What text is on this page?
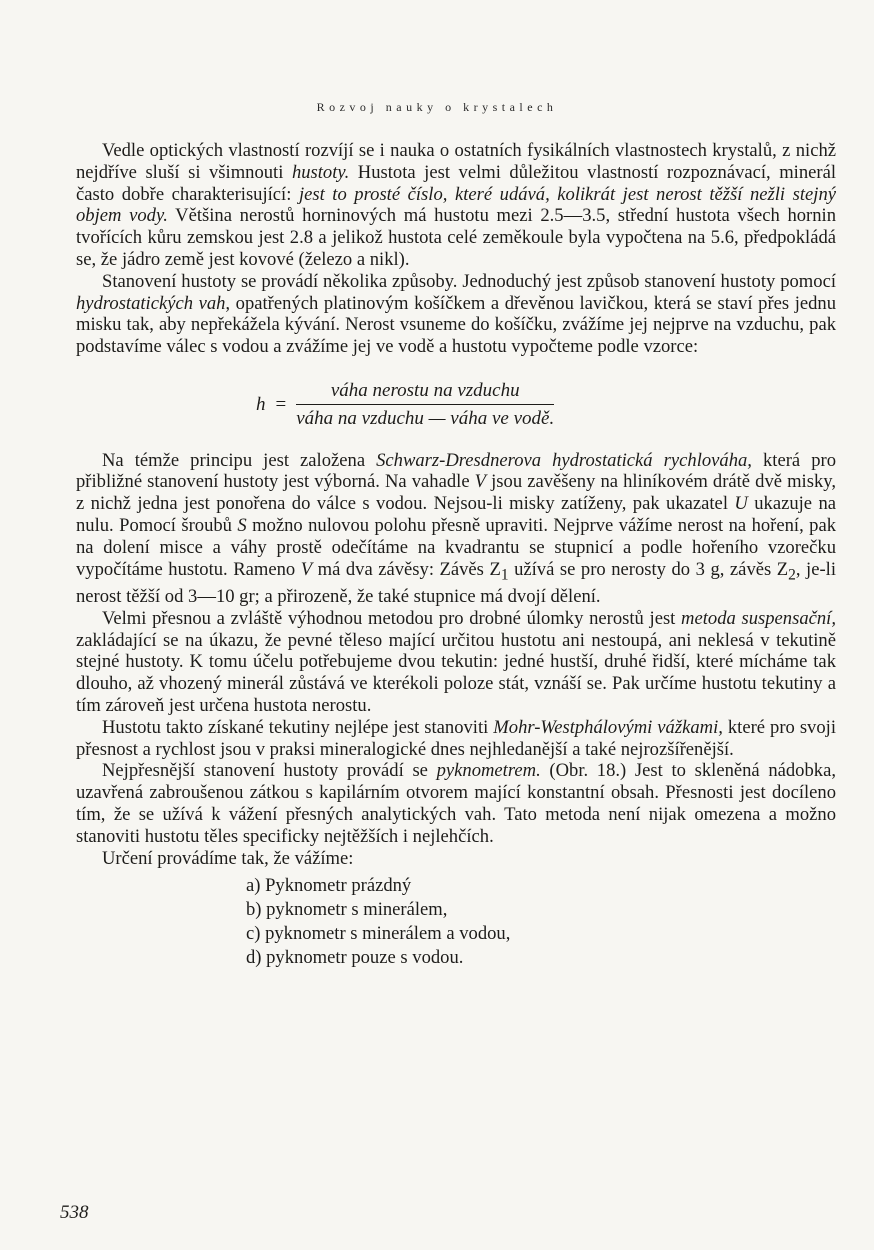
Rozvoj nauky o krystalech

Vedle optických vlastností rozvíjí se i nauka o ostatních fysikálních vlastnostech krystalů, z nichž nejdříve sluší si všimnouti hustoty. Hustota jest velmi důležitou vlastností rozpoznávací, minerál často dobře charakterisující: jest to prosté číslo, které udává, kolikrát jest nerost těžší nežli stejný objem vody. Většina nerostů horninových má hustotu mezi 2.5—3.5, střední hustota všech hornin tvořících kůru zemskou jest 2.8 a jelikož hustota celé zeměkoule byla vypočtena na 5.6, předpokládá se, že jádro země jest kovové (železo a nikl).

Stanovení hustoty se provádí několika způsoby. Jednoduchý jest způsob stanovení hustoty pomocí hydrostatických vah, opatřených platinovým košíčkem a dřevěnou lavičkou, která se staví přes jednu misku tak, aby nepřekážela kývání. Nerost vsuneme do košíčku, zvážíme jej nejprve na vzduchu, pak podstavíme válec s vodou a zvážíme jej ve vodě a hustotu vypočteme podle vzorce:

$h = \frac{\text{váha nerostu na vzduchu}}{\text{váha na vzduchu — váha ve vodě.}}$

Na témže principu jest založena Schwarz-Dresdnerova hydrostatická rychlováha, která pro přibližné stanovení hustoty jest výborná. Na vahadle V jsou zavěšeny na hliníkovém drátě dvě misky, z nichž jedna jest ponořena do válce s vodou. Nejsou-li misky zatíženy, pak ukazatel U ukazuje na nulu. Pomocí šroubů S možno nulovou polohu přesně upraviti. Nejprve vážíme nerost na hoření, pak na dolení misce a váhy prostě odečítáme na kvadrantu se stupnicí a podle hořeního vzorečku vypočítáme hustotu. Rameno V má dva závěsy: Závěs $Z_1$ užívá se pro nerosty do 3 g, závěs $Z_2$, je-li nerost těžší od 3—10 gr; a přirozeně, že také stupnice má dvojí dělení.

Velmi přesnou a zvláště výhodnou metodou pro drobné úlomky nerostů jest metoda suspensační, zakládající se na úkazu, že pevné těleso mající určitou hustotu ani nestoupá, ani neklesá v tekutině stejné hustoty. K tomu účelu potřebujeme dvou tekutin: jedné hustší, druhé řidší, které mícháme tak dlouho, až vhozený minerál zůstává ve kterékoli poloze stát, vznáší se. Pak určíme hustotu tekutiny a tím zároveň jest určena hustota nerostu.

Hustotu takto získané tekutiny nejlépe jest stanoviti Mohr-Westphálovými vážkami, které pro svoji přesnost a rychlost jsou v praksi mineralogické dnes nejhledanější a také nejrozšířenější.

Nejpřesnější stanovení hustoty provádí se pyknometrem. (Obr. 18.) Jest to skleněná nádobka, uzavřená zabroušenou zátkou s kapilárním otvorem mající konstantní obsah. Přesnosti jest docíleno tím, že se užívá k vážení přesných analytických vah. Tato metoda není nijak omezena a možno stanoviti hustotu těles specificky nejtěžších i nejlehčích.

Určení provádíme tak, že vážíme:

a) Pyknometr prázdný
b) pyknometr s minerálem,
c) pyknometr s minerálem a vodou,
d) pyknometr pouze s vodou.
538
